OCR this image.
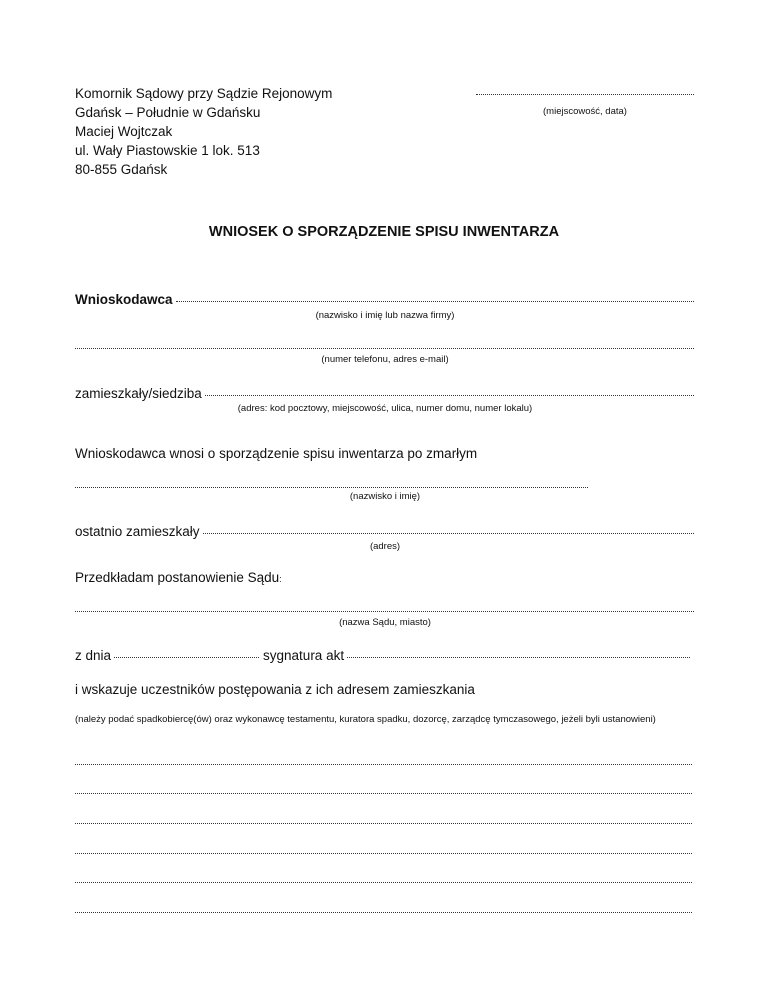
Komornik Sądowy przy Sądzie Rejonowym
Gdańsk – Południe w Gdańsku
Maciej Wojtczak
ul. Wały Piastowskie 1 lok. 513
80-855 Gdańsk
(miejscowość, data)
WNIOSEK O SPORZĄDZENIE SPISU INWENTARZA
Wnioskodawca
(nazwisko i imię lub nazwa firmy)
(numer telefonu, adres e-mail)
zamieszkały/siedziba
(adres: kod pocztowy, miejscowość, ulica, numer domu, numer lokalu)
Wnioskodawca wnosi o sporządzenie spisu inwentarza po zmarłym
(nazwisko i imię)
ostatnio zamieszkały
(adres)
Przedkładam postanowienie Sądu:
(nazwa Sądu, miasto)
z dnia	sygnatura akt
i wskazuje uczestników postępowania z ich adresem zamieszkania
(należy podać spadkobiercę(ów) oraz wykonawcę testamentu, kuratora spadku, dozorcę, zarządcę tymczasowego, jeżeli byli ustanowieni)
